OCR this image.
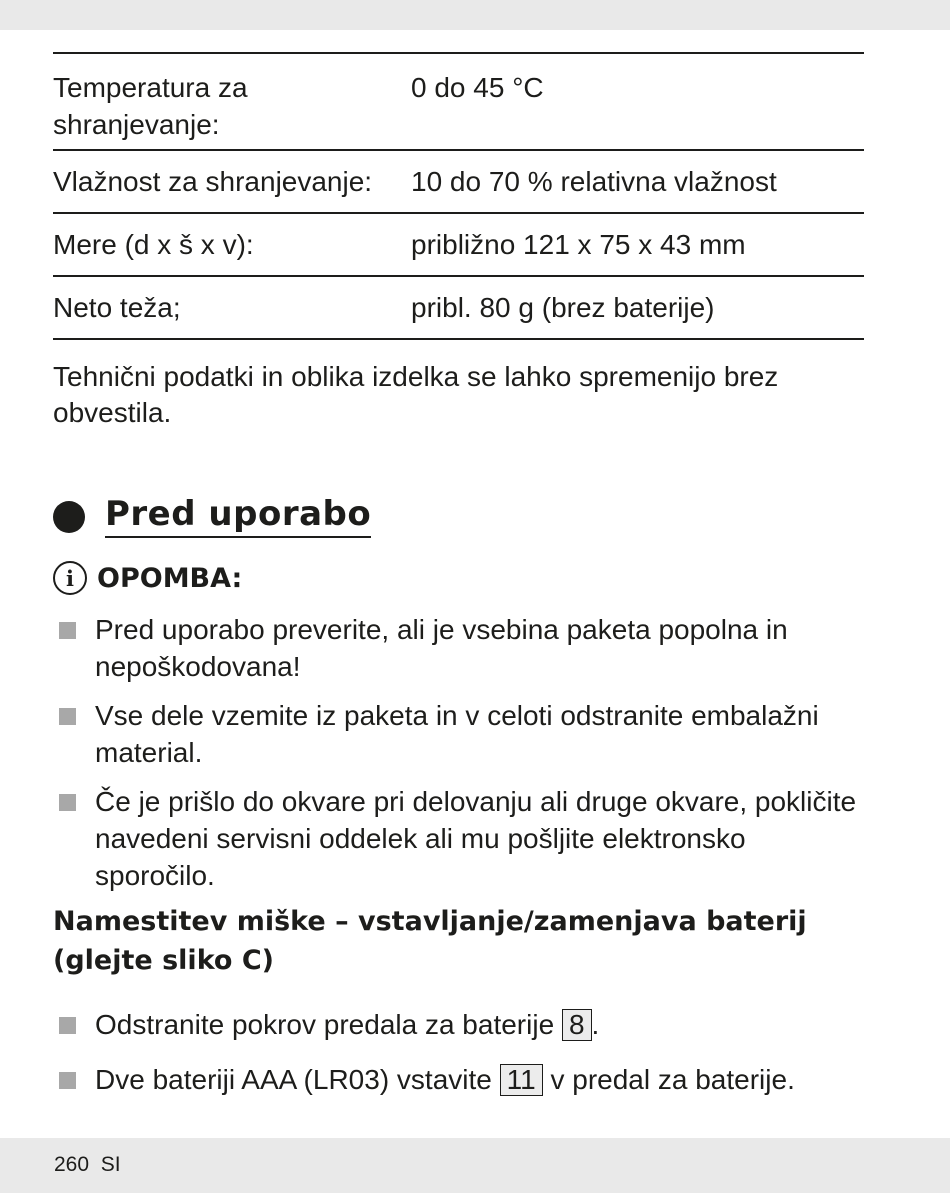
Temperatura za shranjevanje:	0 do 45 °C
Vlažnost za shranjevanje:	10 do 70 % relativna vlažnost
Mere (d x š x v):	približno 121 x 75 x 43 mm
Neto teža;	pribl. 80 g (brez baterije)
Tehnični podatki in oblika izdelka se lahko spremenijo brez obvestila.
Pred uporabo
i OPOMBA:
Pred uporabo preverite, ali je vsebina paketa popolna in nepoškodovana!
Vse dele vzemite iz paketa in v celoti odstranite embalažni material.
Če je prišlo do okvare pri delovanju ali druge okvare, pokličite navedeni servisni oddelek ali mu pošljite elektronsko sporočilo.
Namestitev miške – vstavljanje/zamenjava baterij (glejte sliko C)
Odstranite pokrov predala za baterije 8 .
Dve bateriji AAA (LR03) vstavite 11 v predal za baterije.
260 SI
